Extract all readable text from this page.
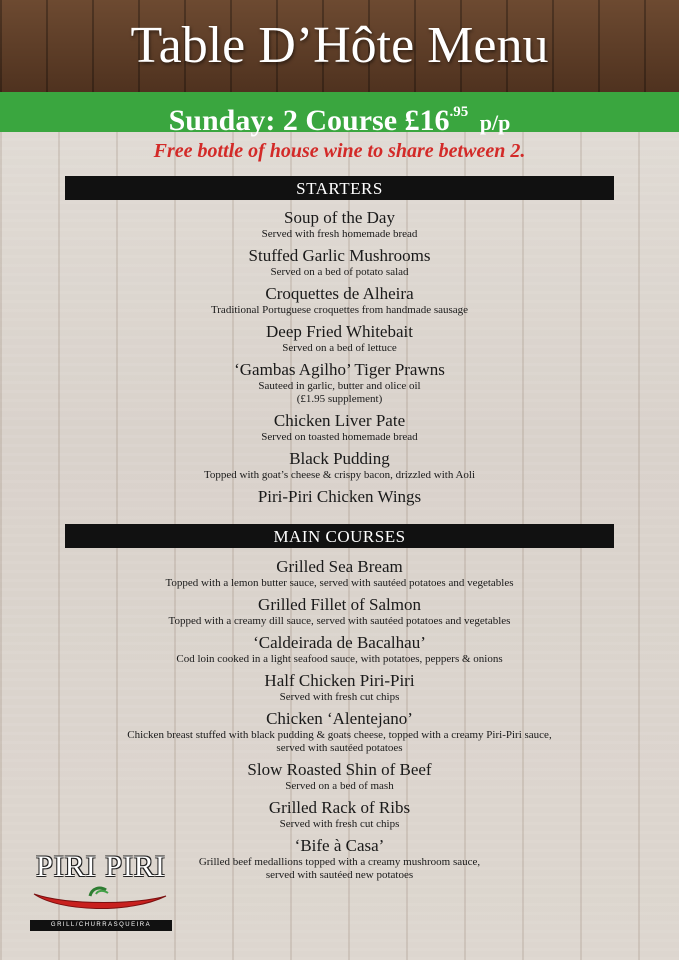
Table D’Hôte Menu
Sunday: 2 Course $£16^{.95}$ p/p
Free bottle of house wine to share between 2.
STARTERS

Soup of the Day

Served with fresh homemade bread

Stuffed Garlic Mushrooms

Served on a bed of potato salad

Croquettes de Alheira

Traditional Portuguese croquettes from handmade sausage

Deep Fried Whitebait

Served on a bed of lettuce

‘Gambas Agilho’ Tiger Prawns

Sauteed in garlic, butter and olice oil

(£1.95 supplement)

Chicken Liver Pate

Served on toasted homemade bread

Black Pudding

Topped with goat’s cheese & crispy bacon, drizzled with Aoli

Piri-Piri Chicken Wings

MAIN COURSES

Grilled Sea Bream

Topped with a lemon butter sauce, served with sautéed potatoes and vegetables

Grilled Fillet of Salmon

Topped with a creamy dill sauce, served with sautéed potatoes and vegetables

‘Caldeirada de Bacalhau’

Cod loin cooked in a light seafood sauce, with potatoes, peppers & onions

Half Chicken Piri-Piri

Served with fresh cut chips

Chicken ‘Alentejano’

Chicken breast stuffed with black pudding & goats cheese, topped with a creamy Piri-Piri sauce,

served with sautéed potatoes

Slow Roasted Shin of Beef

Served on a bed of mash

Grilled Rack of Ribs

Served with fresh cut chips

‘Bife à Casa’

Grilled beef medallions topped with a creamy mushroom sauce,

served with sautéed new potatoes

PIRI PIRI
GRILL/CHURRASQUEIRA
